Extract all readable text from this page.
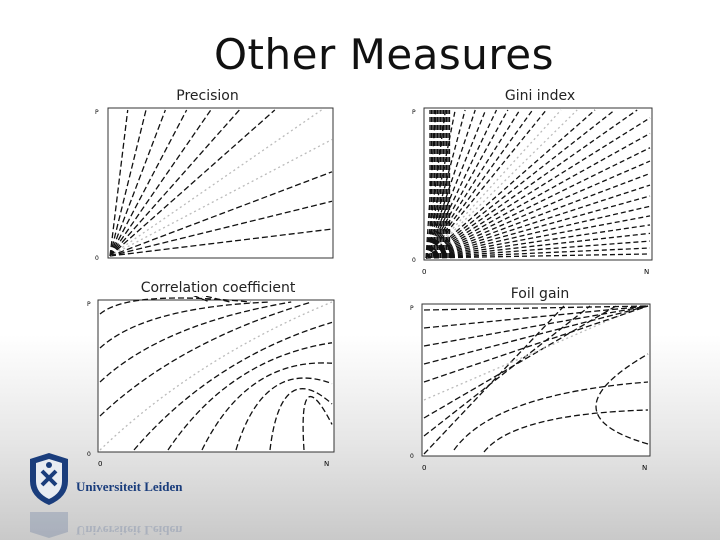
Other Measures
Precision	Gini index
Correlation coefficient	Foil gain
P
0
P
0
0	N
P
0
0	N
P
0
0	N
Universiteit Leiden
Universiteit Leiden
